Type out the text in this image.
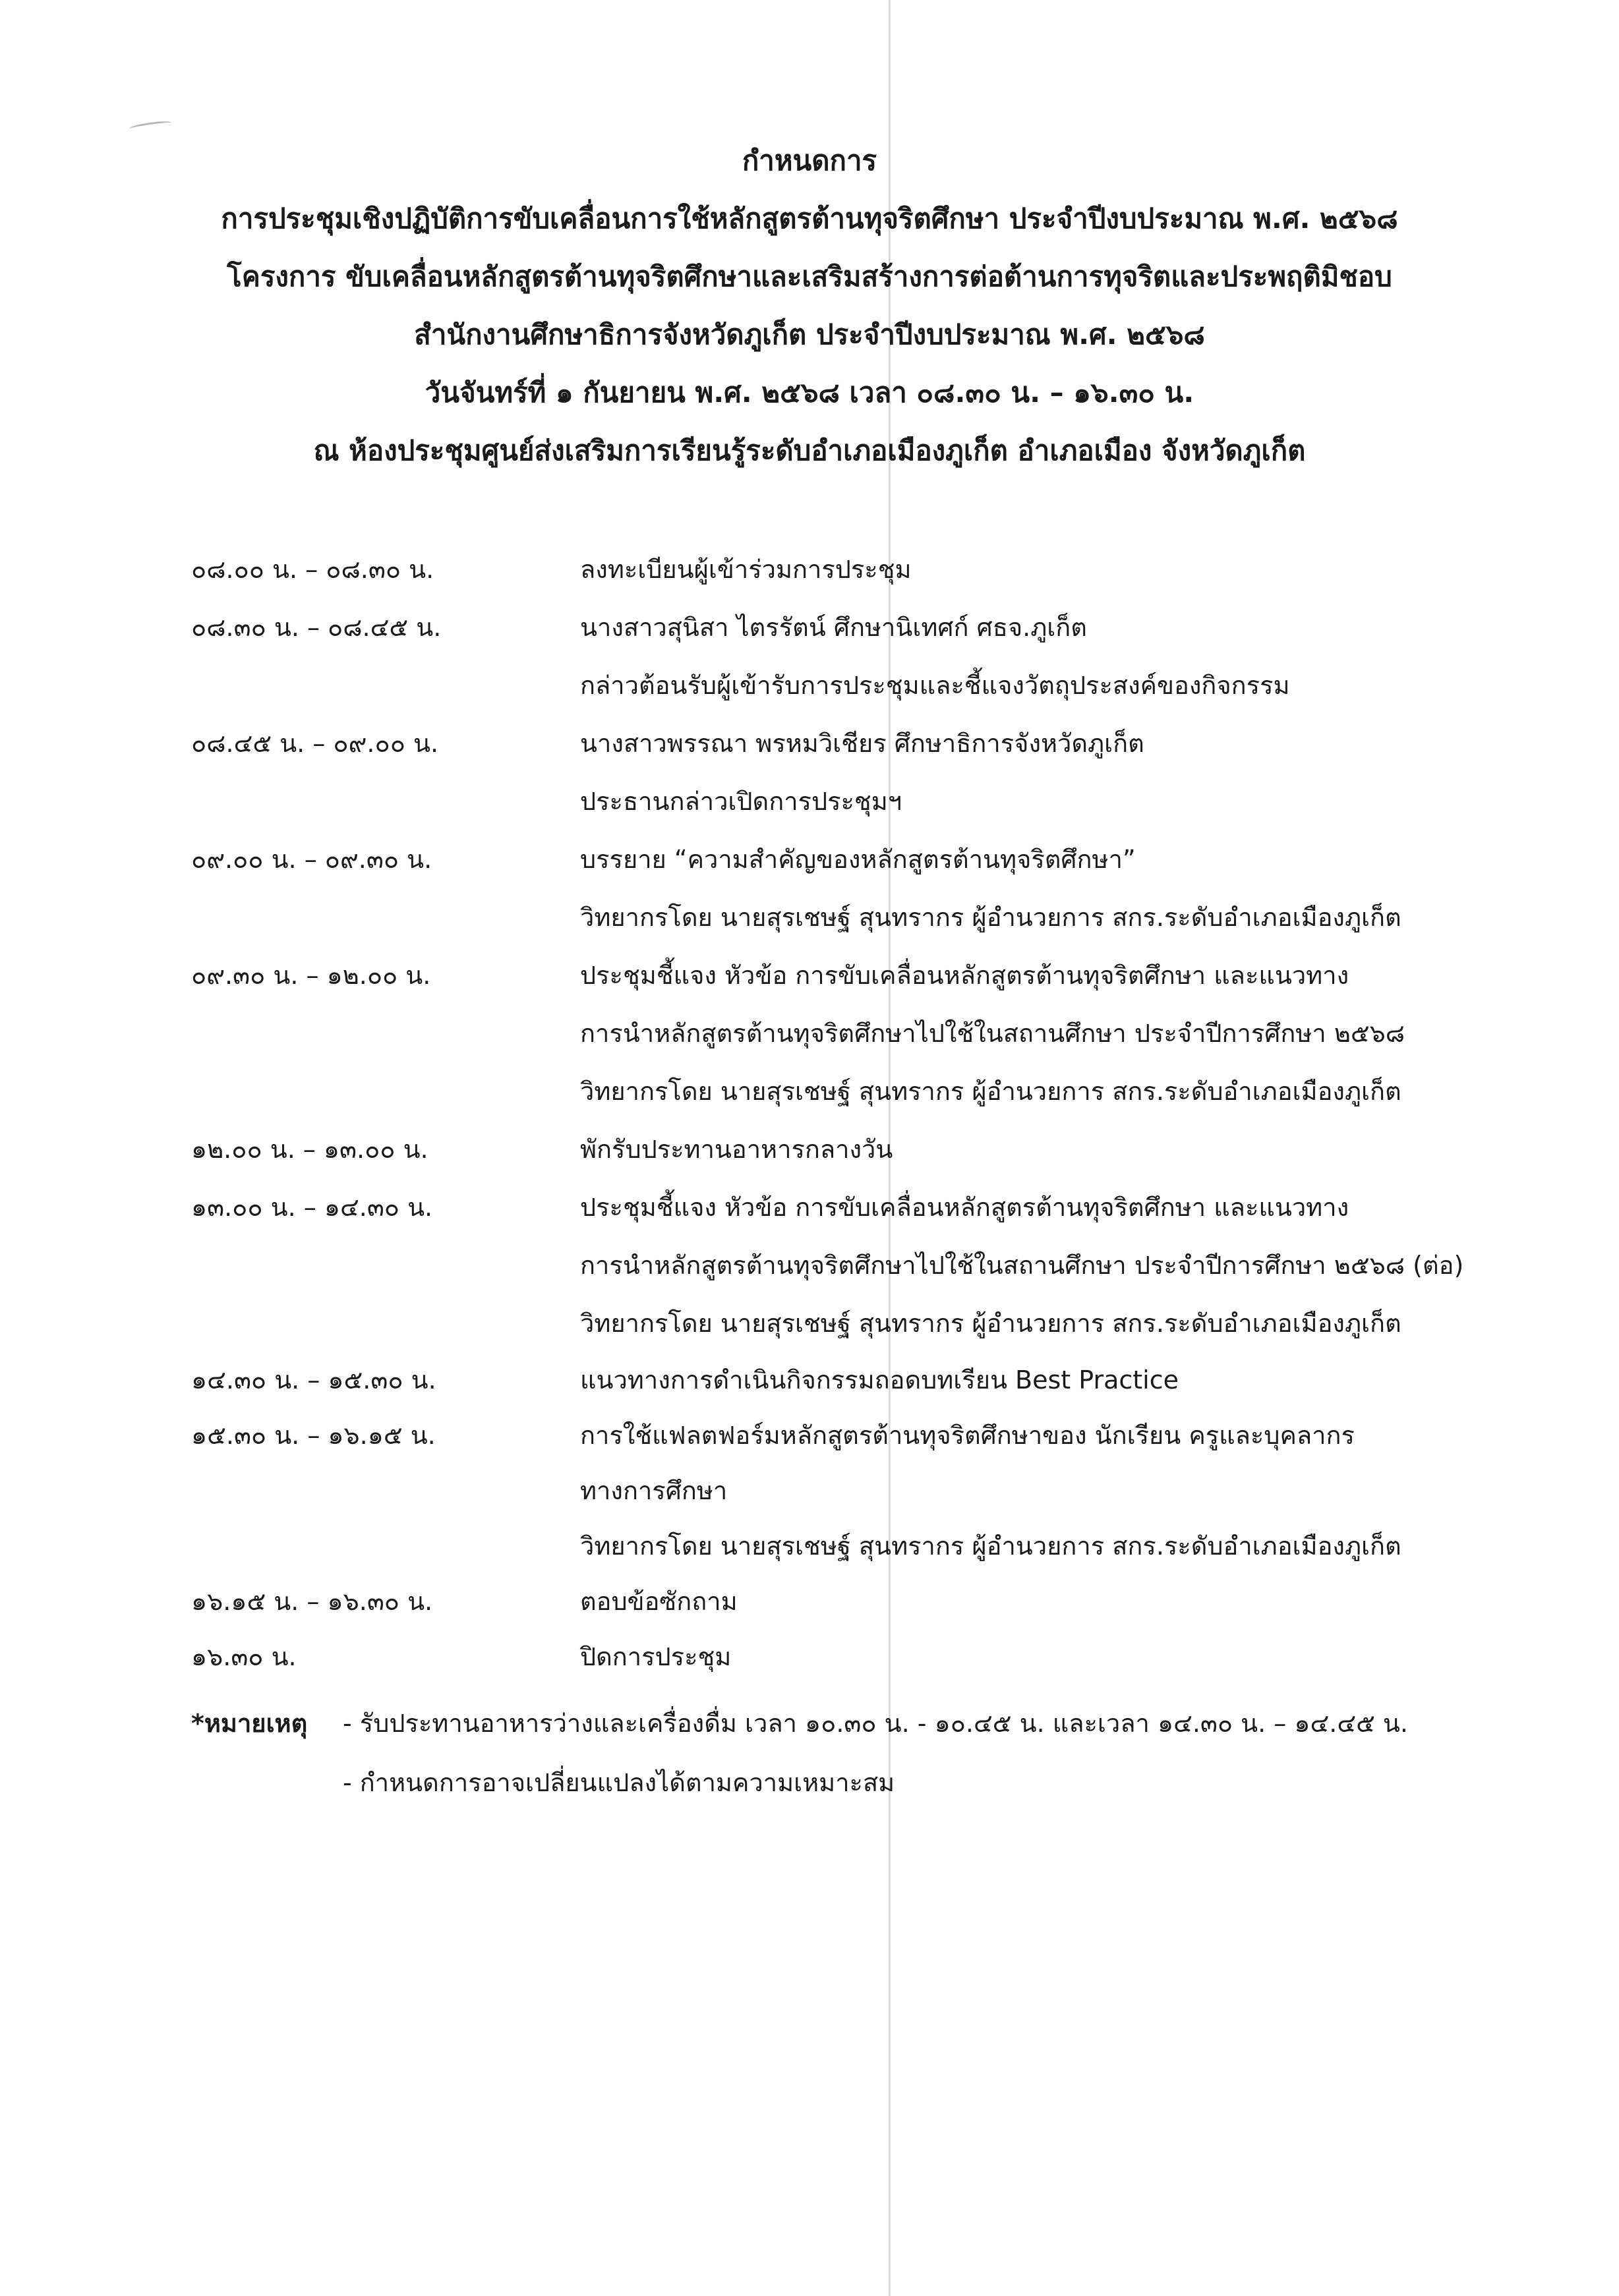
กำหนดการ
การประชุมเชิงปฏิบัติการขับเคลื่อนการใช้หลักสูตรต้านทุจริตศึกษา ประจำปีงบประมาณ พ.ศ. ๒๕๖๘
โครงการ ขับเคลื่อนหลักสูตรต้านทุจริตศึกษาและเสริมสร้างการต่อต้านการทุจริตและประพฤติมิชอบ
สำนักงานศึกษาธิการจังหวัดภูเก็ต ประจำปีงบประมาณ พ.ศ. ๒๕๖๘
วันจันทร์ที่ ๑ กันยายน พ.ศ. ๒๕๖๘ เวลา ๐๘.๓๐ น. – ๑๖.๓๐ น.
ณ ห้องประชุมศูนย์ส่งเสริมการเรียนรู้ระดับอำเภอเมืองภูเก็ต อำเภอเมือง จังหวัดภูเก็ต
๐๘.๐๐ น. – ๐๘.๓๐ น.	ลงทะเบียนผู้เข้าร่วมการประชุม
๐๘.๓๐ น. – ๐๘.๔๕ น.	นางสาวสุนิสา ไตรรัตน์ ศึกษานิเทศก์ ศธจ.ภูเก็ต
กล่าวต้อนรับผู้เข้ารับการประชุมและชี้แจงวัตถุประสงค์ของกิจกรรม
๐๘.๔๕ น. – ๐๙.๐๐ น.	นางสาวพรรณา พรหมวิเชียร ศึกษาธิการจังหวัดภูเก็ต
ประธานกล่าวเปิดการประชุมฯ
๐๙.๐๐ น. – ๐๙.๓๐ น.	บรรยาย “ความสำคัญของหลักสูตรต้านทุจริตศึกษา”
วิทยากรโดย นายสุรเชษฐ์ สุนทรากร ผู้อำนวยการ สกร.ระดับอำเภอเมืองภูเก็ต
๐๙.๓๐ น. – ๑๒.๐๐ น.	ประชุมชี้แจง หัวข้อ การขับเคลื่อนหลักสูตรต้านทุจริตศึกษา และแนวทาง
การนำหลักสูตรต้านทุจริตศึกษาไปใช้ในสถานศึกษา ประจำปีการศึกษา ๒๕๖๘
วิทยากรโดย นายสุรเชษฐ์ สุนทรากร ผู้อำนวยการ สกร.ระดับอำเภอเมืองภูเก็ต
๑๒.๐๐ น. – ๑๓.๐๐ น.	พักรับประทานอาหารกลางวัน
๑๓.๐๐ น. – ๑๔.๓๐ น.	ประชุมชี้แจง หัวข้อ การขับเคลื่อนหลักสูตรต้านทุจริตศึกษา และแนวทาง
การนำหลักสูตรต้านทุจริตศึกษาไปใช้ในสถานศึกษา ประจำปีการศึกษา ๒๕๖๘ (ต่อ)
วิทยากรโดย นายสุรเชษฐ์ สุนทรากร ผู้อำนวยการ สกร.ระดับอำเภอเมืองภูเก็ต
๑๔.๓๐ น. – ๑๕.๓๐ น.	แนวทางการดำเนินกิจกรรมถอดบทเรียน Best Practice
๑๕.๓๐ น. – ๑๖.๑๕ น.	การใช้แฟลตฟอร์มหลักสูตรต้านทุจริตศึกษาของ นักเรียน ครูและบุคลากร
ทางการศึกษา
วิทยากรโดย นายสุรเชษฐ์ สุนทรากร ผู้อำนวยการ สกร.ระดับอำเภอเมืองภูเก็ต
๑๖.๑๕ น. – ๑๖.๓๐ น.	ตอบข้อซักถาม
๑๖.๓๐ น.	ปิดการประชุม
*หมายเหตุ	- รับประทานอาหารว่างและเครื่องดื่ม เวลา ๑๐.๓๐ น. - ๑๐.๔๕ น. และเวลา ๑๔.๓๐ น. – ๑๔.๔๕ น.
- กำหนดการอาจเปลี่ยนแปลงได้ตามความเหมาะสม
